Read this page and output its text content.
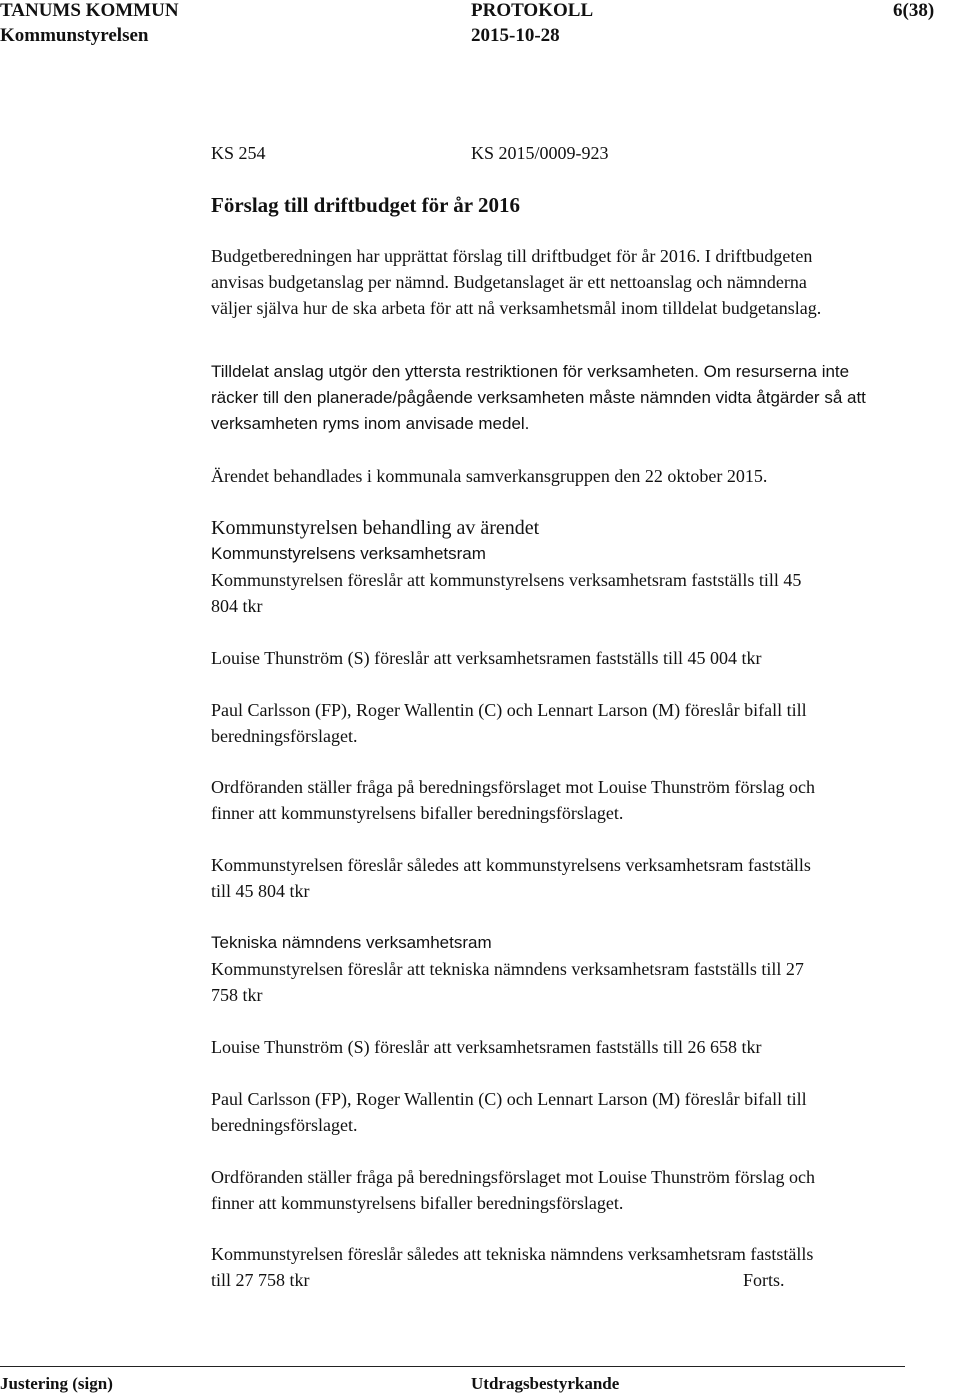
TANUMS KOMMUN	PROTOKOLL	6(38)
Kommunstyrelsen	2015-10-28
KS 254	KS 2015/0009-923
Förslag till driftbudget för år 2016
Budgetberedningen har upprättat förslag till driftbudget för år 2016. I driftbudgeten
anvisas budgetanslag per nämnd. Budgetanslaget är ett nettoanslag och nämnderna
väljer själva hur de ska arbeta för att nå verksamhetsmål inom tilldelat budgetanslag.
Tilldelat anslag utgör den yttersta restriktionen för verksamheten. Om resurserna inte
räcker till den planerade/pågående verksamheten måste nämnden vidta åtgärder så att
verksamheten ryms inom anvisade medel.
Ärendet behandlades i kommunala samverkansgruppen den 22 oktober 2015.
Kommunstyrelsen behandling av ärendet
Kommunstyrelsens verksamhetsram
Kommunstyrelsen föreslår att kommunstyrelsens verksamhetsram fastställs till 45
804 tkr
Louise Thunström (S) föreslår att verksamhetsramen fastställs till 45 004 tkr
Paul Carlsson (FP), Roger Wallentin (C) och Lennart Larson (M) föreslår bifall till
beredningsförslaget.
Ordföranden ställer fråga på beredningsförslaget mot Louise Thunström förslag och
finner att kommunstyrelsens bifaller beredningsförslaget.
Kommunstyrelsen föreslår således att kommunstyrelsens verksamhetsram fastställs
till 45 804 tkr
Tekniska nämndens verksamhetsram
Kommunstyrelsen föreslår att tekniska nämndens verksamhetsram fastställs till 27
758 tkr
Louise Thunström (S) föreslår att verksamhetsramen fastställs till 26 658 tkr
Paul Carlsson (FP), Roger Wallentin (C) och Lennart Larson (M) föreslår bifall till
beredningsförslaget.
Ordföranden ställer fråga på beredningsförslaget mot Louise Thunström förslag och
finner att kommunstyrelsens bifaller beredningsförslaget.
Kommunstyrelsen föreslår således att tekniska nämndens verksamhetsram fastställs
till 27 758 tkr	Forts.
Justering (sign)	Utdragsbestyrkande
